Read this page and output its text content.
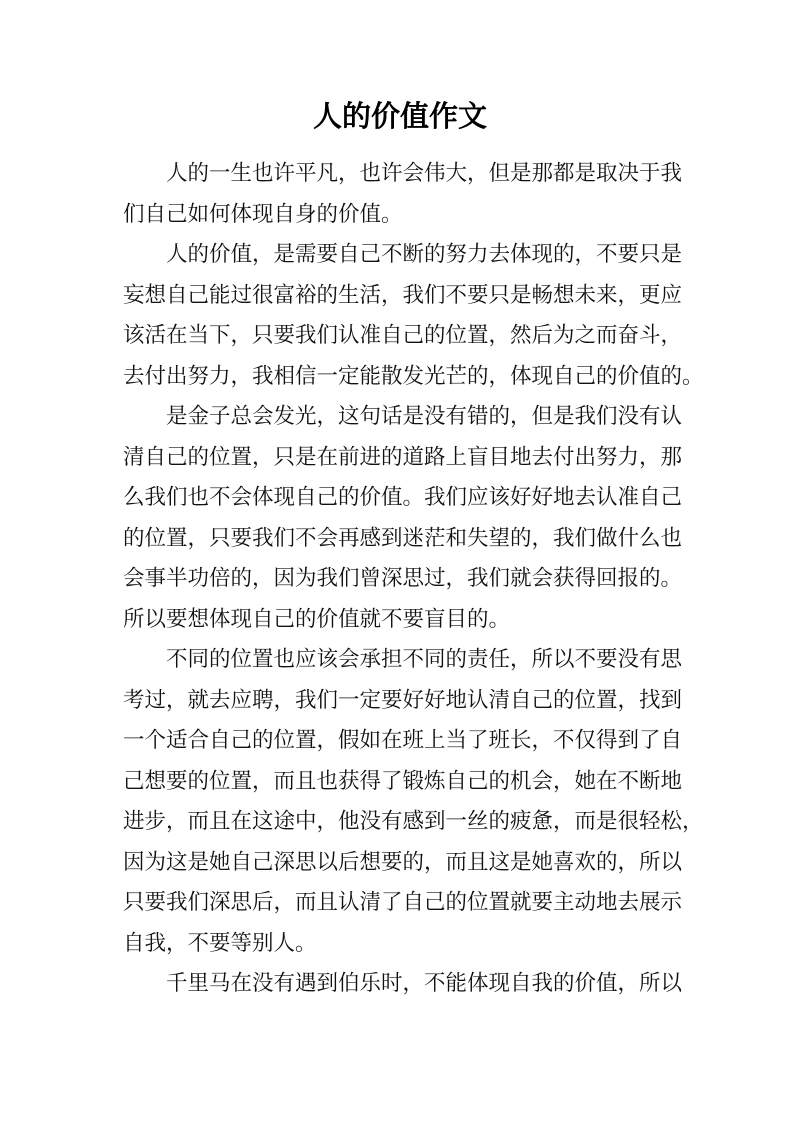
人的价值作文
人的一生也许平凡，也许会伟大，但是那都是取决于我
们自己如何体现自身的价值。
人的价值，是需要自己不断的努力去体现的，不要只是
妄想自己能过很富裕的生活，我们不要只是畅想未来，更应
该活在当下，只要我们认准自己的位置，然后为之而奋斗，
去付出努力，我相信一定能散发光芒的，体现自己的价值的。
是金子总会发光，这句话是没有错的，但是我们没有认
清自己的位置，只是在前进的道路上盲目地去付出努力，那
么我们也不会体现自己的价值。我们应该好好地去认准自己
的位置，只要我们不会再感到迷茫和失望的，我们做什么也
会事半功倍的，因为我们曾深思过，我们就会获得回报的。
所以要想体现自己的价值就不要盲目的。
不同的位置也应该会承担不同的责任，所以不要没有思
考过，就去应聘，我们一定要好好地认清自己的位置，找到
一个适合自己的位置，假如在班上当了班长，不仅得到了自
己想要的位置，而且也获得了锻炼自己的机会，她在不断地
进步，而且在这途中，他没有感到一丝的疲惫，而是很轻松，
因为这是她自己深思以后想要的，而且这是她喜欢的，所以
只要我们深思后，而且认清了自己的位置就要主动地去展示
自我，不要等别人。
千里马在没有遇到伯乐时，不能体现自我的价值，所以
